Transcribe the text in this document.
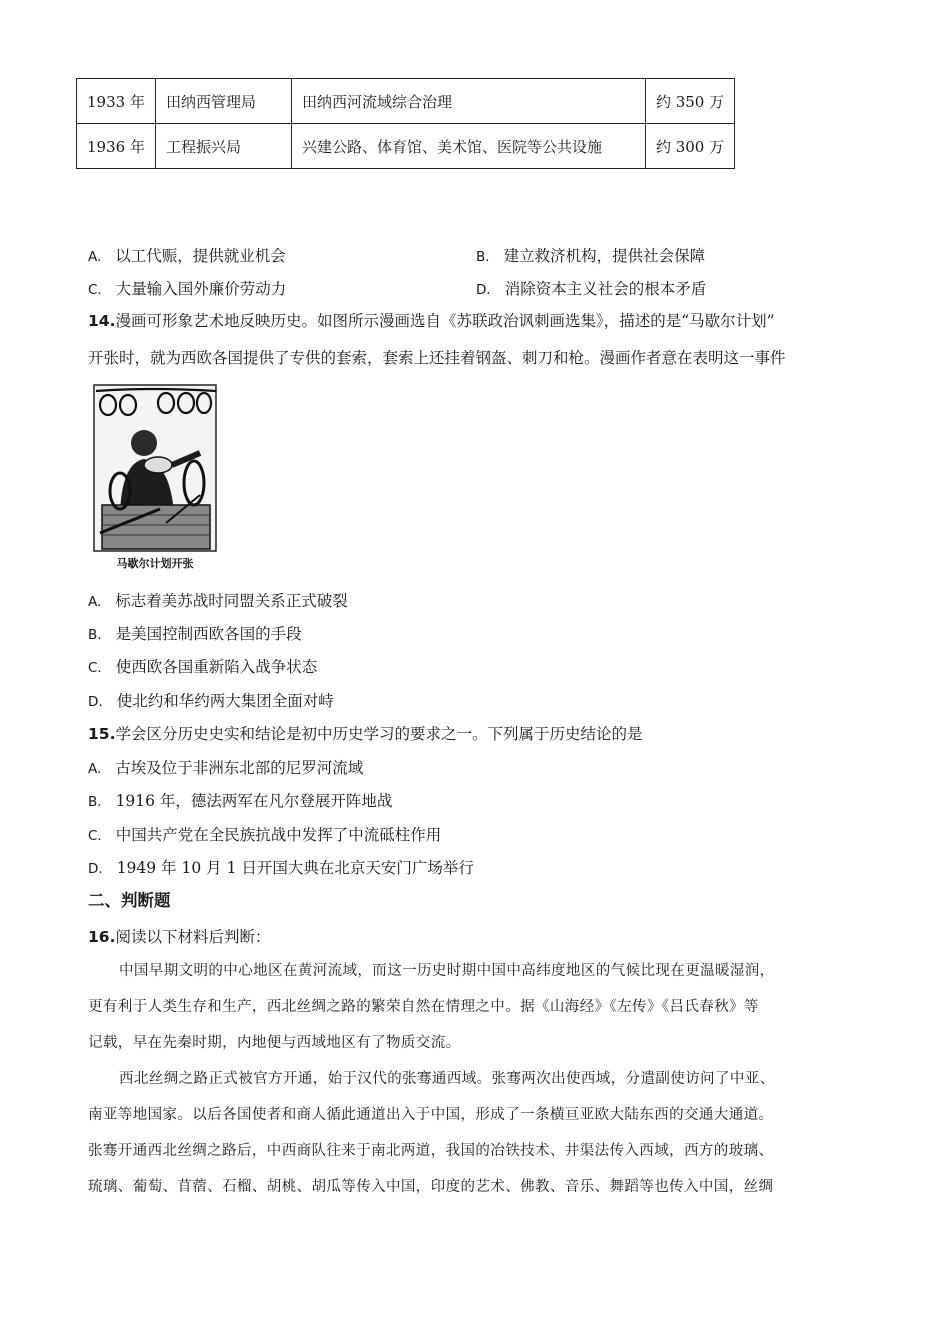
1933 年	田纳西管理局	田纳西河流域综合治理	约 350 万
1936 年	工程振兴局	兴建公路、体育馆、美术馆、医院等公共设施	约 300 万
A. 以工代赈，提供就业机会	B. 建立救济机构，提供社会保障
C. 大量输入国外廉价劳动力	D. 消除资本主义社会的根本矛盾
14.漫画可形象艺术地反映历史。如图所示漫画选自《苏联政治讽刺画选集》，描述的是“马歇尔计划”
开张时，就为西欧各国提供了专供的套索，套索上还挂着钢盔、刺刀和枪。漫画作者意在表明这一事件
马歇尔计划开张
A. 标志着美苏战时同盟关系正式破裂
B. 是美国控制西欧各国的手段
C. 使西欧各国重新陷入战争状态
D. 使北约和华约两大集团全面对峙
15.学会区分历史史实和结论是初中历史学习的要求之一。下列属于历史结论的是
A. 古埃及位于非洲东北部的尼罗河流域
B. 1916 年，德法两军在凡尔登展开阵地战
C. 中国共产党在全民族抗战中发挥了中流砥柱作用
D. 1949 年 10 月 1 日开国大典在北京天安门广场举行
二、判断题
16.阅读以下材料后判断：
中国早期文明的中心地区在黄河流域，而这一历史时期中国中高纬度地区的气候比现在更温暖湿润，
更有利于人类生存和生产，西北丝绸之路的繁荣自然在情理之中。据《山海经》《左传》《吕氏春秋》等
记载，早在先秦时期，内地便与西域地区有了物质交流。
西北丝绸之路正式被官方开通，始于汉代的张骞通西域。张骞两次出使西域，分遣副使访问了中亚、
南亚等地国家。以后各国使者和商人循此通道出入于中国，形成了一条横亘亚欧大陆东西的交通大通道。
张骞开通西北丝绸之路后，中西商队往来于南北两道，我国的冶铁技术、井渠法传入西域，西方的玻璃、
琉璃、葡萄、苜蓿、石榴、胡桃、胡瓜等传入中国，印度的艺术、佛教、音乐、舞蹈等也传入中国，丝绸
